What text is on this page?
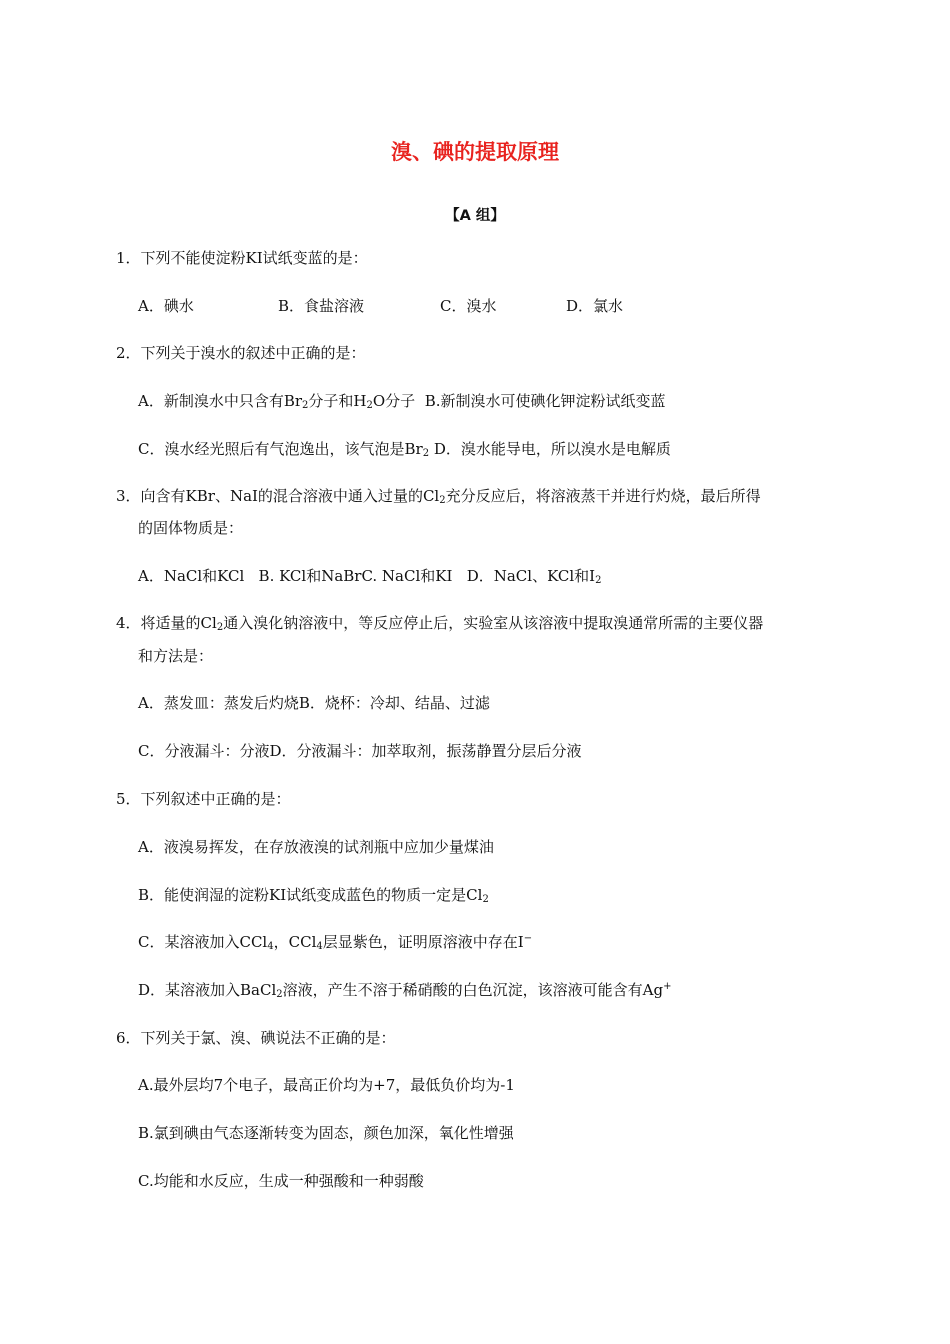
溴、碘的提取原理
【A 组】
1．下列不能使淀粉KI试纸变蓝的是：
A．碘水	B．食盐溶液	C．溴水	D．氯水
2．下列关于溴水的叙述中正确的是：
A．新制溴水中只含有$Br_2$分子和$H_2O$分子 B.新制溴水可使碘化钾淀粉试纸变蓝
C．溴水经光照后有气泡逸出，该气泡是$Br_2$ D．溴水能导电，所以溴水是电解质
3．向含有KBr、NaI的混合溶液中通入过量的$Cl_2$充分反应后，将溶液蒸干并进行灼烧，最后所得
的固体物质是：
A．NaCl和KCl   B. KCl和NaBrC. NaCl和KI   D．NaCl、KCl和$I_2$
4．将适量的$Cl_2$通入溴化钠溶液中，等反应停止后，实验室从该溶液中提取溴通常所需的主要仪器
和方法是：
A．蒸发皿：蒸发后灼烧B．烧杯：冷却、结晶、过滤
C．分液漏斗：分液D．分液漏斗：加萃取剂，振荡静置分层后分液
5．下列叙述中正确的是：
A．液溴易挥发，在存放液溴的试剂瓶中应加少量煤油
B．能使润湿的淀粉KI试纸变成蓝色的物质一定是$Cl_2$
C．某溶液加入CCl$_4$，CCl$_4$层显紫色，证明原溶液中存在I−
D．某溶液加入BaCl$_2$溶液，产生不溶于稀硝酸的白色沉淀，该溶液可能含有Ag+
6．下列关于氯、溴、碘说法不正确的是：
A.最外层均7个电子，最高正价均为+7，最低负价均为-1
B.氯到碘由气态逐渐转变为固态，颜色加深，氧化性增强
C.均能和水反应，生成一种强酸和一种弱酸
